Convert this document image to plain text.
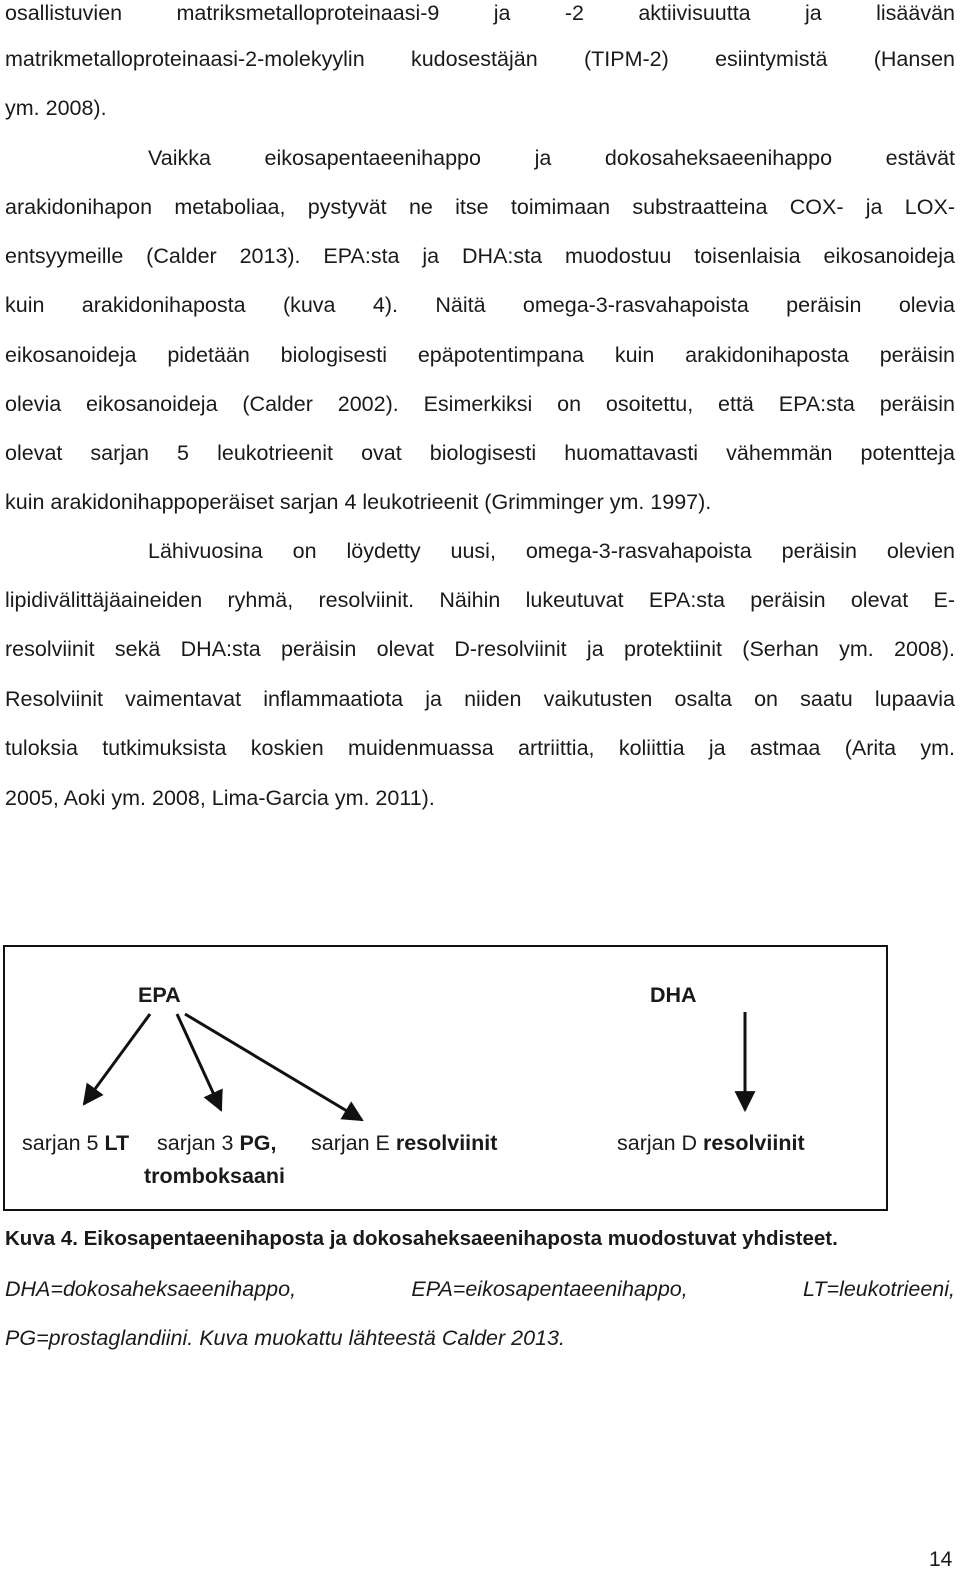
osallistuvien matriksmetalloproteinaasi-9 ja -2 aktiivisuutta ja lisäävän
matrikmetalloproteinaasi-2-molekyylin kudosestäjän (TIPM-2) esiintymistä (Hansen
ym. 2008).
Vaikka eikosapentaeenihappo ja dokosaheksaeenihappo estävät
arakidonihapon metaboliaa, pystyvät ne itse toimimaan substraatteina COX- ja LOX-
entsyymeille (Calder 2013). EPA:sta ja DHA:sta muodostuu toisenlaisia eikosanoideja
kuin arakidonihaposta (kuva 4). Näitä omega-3-rasvahapoista peräisin olevia
eikosanoideja pidetään biologisesti epäpotentimpana kuin arakidonihaposta peräisin
olevia eikosanoideja (Calder 2002). Esimerkiksi on osoitettu, että EPA:sta peräisin
olevat sarjan 5 leukotrieenit ovat biologisesti huomattavasti vähemmän potentteja
kuin arakidonihappoperäiset sarjan 4 leukotrieenit (Grimminger ym. 1997).
Lähivuosina on löydetty uusi, omega-3-rasvahapoista peräisin olevien
lipidivälittäjäaineiden ryhmä, resolviinit. Näihin lukeutuvat EPA:sta peräisin olevat E-
resolviinit sekä DHA:sta peräisin olevat D-resolviinit ja protektiinit (Serhan ym. 2008).
Resolviinit vaimentavat inflammaatiota ja niiden vaikutusten osalta on saatu lupaavia
tuloksia tutkimuksista koskien muidenmuassa artriittia, koliittia ja astmaa (Arita ym.
2005, Aoki ym. 2008, Lima-Garcia ym. 2011).
EPA	DHA
sarjan 5 LT sarjan 3 PG,
tromboksaani
sarjan E resolviinit	sarjan D resolviinit
Kuva 4. Eikosapentaeenihaposta ja dokosaheksaeenihaposta muodostuvat yhdisteet.
DHA=dokosaheksaeenihappo, EPA=eikosapentaeenihappo, LT=leukotrieeni,
PG=prostaglandiini. Kuva muokattu lähteestä Calder 2013.
14
